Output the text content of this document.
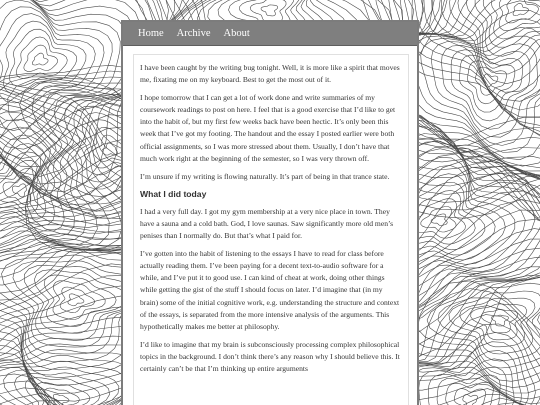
Home Archive About

I have been caught by the writing bug tonight. Well, it is more like a spirit that moves me, fixating me on my keyboard. Best to get the most out of it.

I hope tomorrow that I can get a lot of work done and write summaries of my coursework readings to post on here. I feel that is a good exercise that I’d like to get into the habit of, but my first few weeks back have been hectic. It’s only been this week that I’ve got my footing. The handout and the essay I posted earlier were both official assignments, so I was more stressed about them. Usually, I don’t have that much work right at the beginning of the semester, so I was very thrown off.

I’m unsure if my writing is flowing naturally. It’s part of being in that trance state.

What I did today

I had a very full day. I got my gym membership at a very nice place in town. They have a sauna and a cold bath. God, I love saunas. Saw significantly more old men’s penises than I normally do. But that’s what I paid for.

I’ve gotten into the habit of listening to the essays I have to read for class before actually reading them. I’ve been paying for a decent text-to-audio software for a while, and I’ve put it to good use. I can kind of cheat at work, doing other things while getting the gist of the stuff I should focus on later. I’d imagine that (in my brain) some of the initial cognitive work, e.g. understanding the structure and context of the essays, is separated from the more intensive analysis of the arguments. This hypothetically makes me better at philosophy.

I’d like to imagine that my brain is subconsciously processing complex philosophical topics in the background. I don’t think there’s any reason why I should believe this. It certainly can’t be that I’m thinking up entire arguments
